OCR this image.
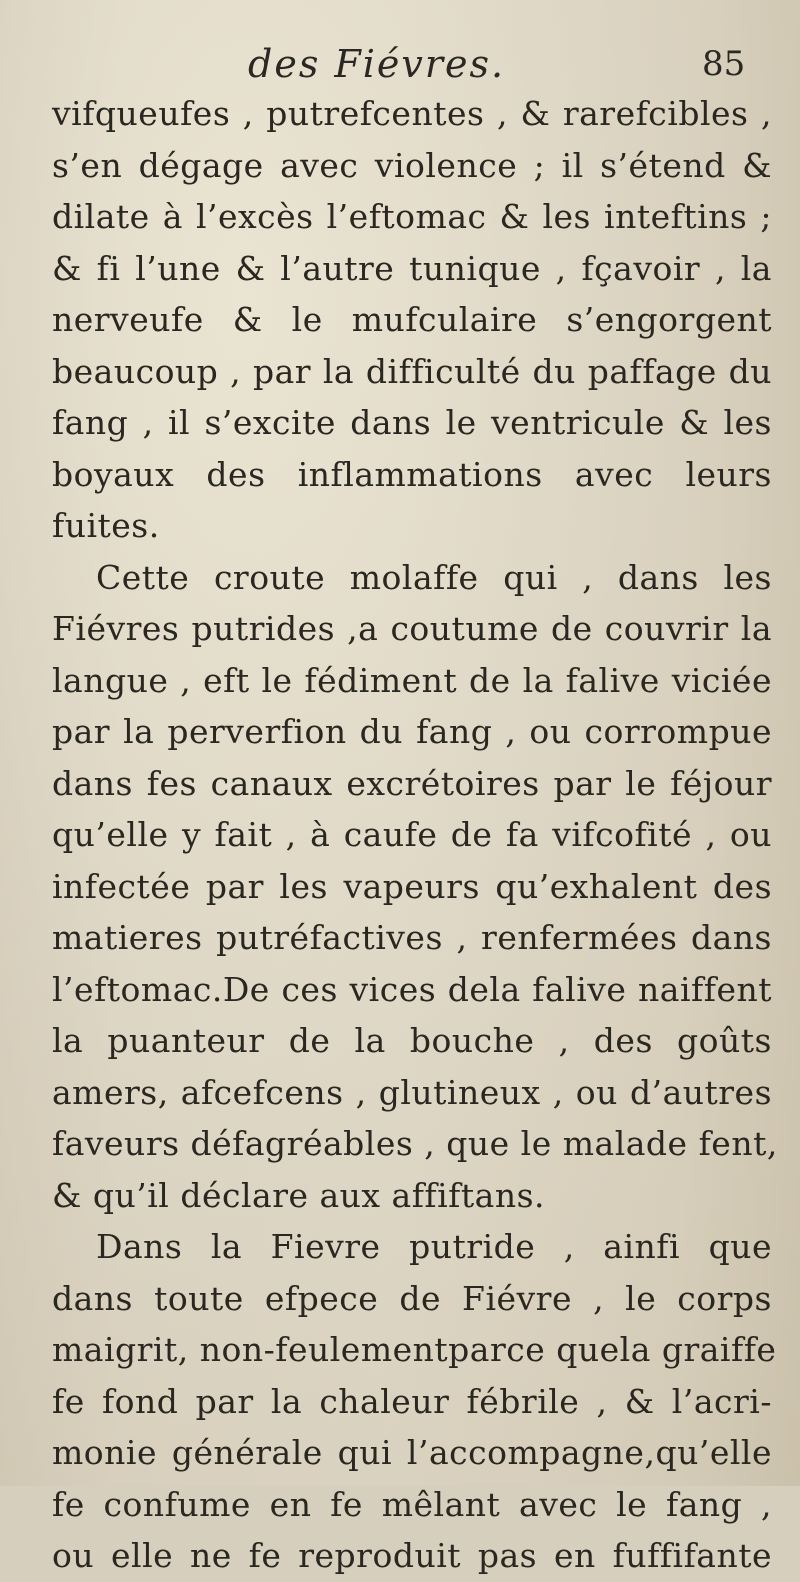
des Fiévres.	85
vifqueufes , putrefcentes , & rarefcibles ,
s’en dégage avec violence ; il s’étend &
dilate à l’excès l’eftomac & les inteftins ;
& fi l’une & l’autre tunique , fçavoir , la
nerveufe & le mufculaire s’engorgent
beaucoup , par la difficulté du paffage du
fang , il s’excite dans le ventricule & les
boyaux des inflammations avec leurs
fuites.
Cette croute molaffe qui , dans les
Fiévres putrides ,a coutume de couvrir la
langue , eft le fédiment de la falive viciée
par la perverfion du fang , ou corrompue
dans fes canaux excrétoires par le féjour
qu’elle y fait , à caufe de fa vifcofité , ou
infectée par les vapeurs qu’exhalent des
matieres putréfactives , renfermées dans
l’eftomac.De ces vices dela falive naiffent
la puanteur de la bouche , des goûts
amers, afcefcens , glutineux , ou d’autres
faveurs défagréables , que le malade fent,
& qu’il déclare aux affiftans.
Dans la Fievre putride , ainfi que
dans toute efpece de Fiévre , le corps
maigrit, non-feulementparce quela graiffe
fe fond par la chaleur fébrile , & l’acri-
monie générale qui l’accompagne,qu’elle
fe confume en fe mêlant avec le fang ,
ou elle ne fe reproduit pas en fuffifante
